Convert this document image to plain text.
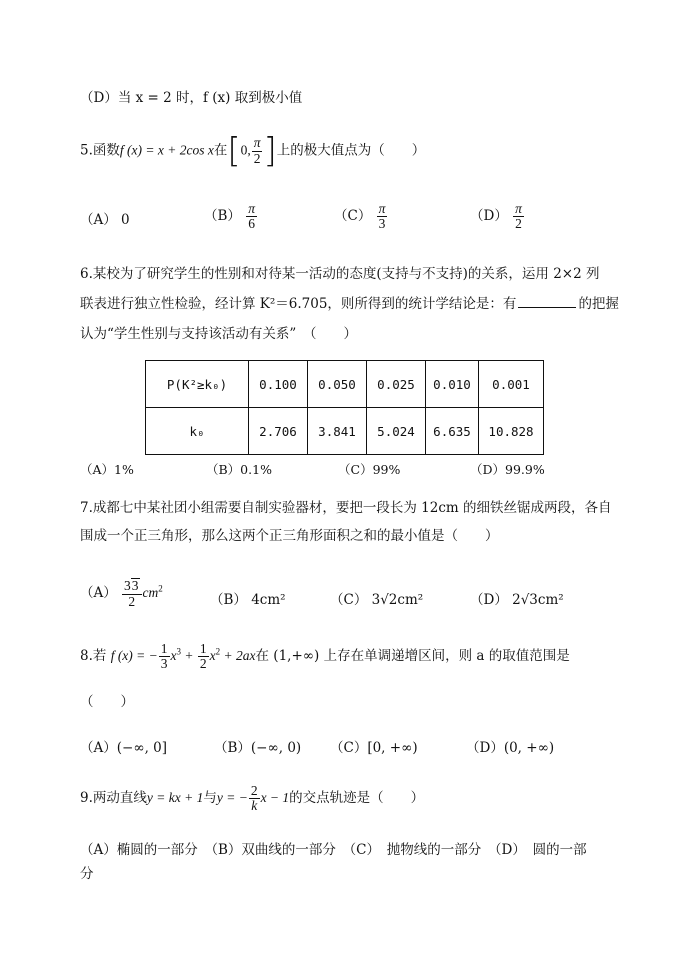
（D）当 x = 2 时，f (x) 取到极小值
5.函数f (x) = x + 2cos x在[0, $\frac{\pi}{2}$ ]上的极大值点为（　　）
（A） 0	$(B) \frac{\pi}{6}$	$(C) \frac{\pi}{3}$	$(D) \frac{\pi}{2}$
6.某校为了研究学生的性别和对待某一活动的态度(支持与不支持)的关系，运用 2×2 列
联表进行独立性检验，经计算 K²＝6.705，则所得到的统计学结论是：有	的把握
认为“学生性别与支持该活动有关系”　（　　）
P(K²≥k₀)	0.100	0.050	0.025	0.010	0.001
k₀	2.706	3.841	5.024	6.635	10.828
（A）1%	（B）0.1%	（C）99%	（D）99.9%
7.成都七中某社团小组需要自制实验器材，要把一段长为 12cm 的细铁丝锯成两段，各自
围成一个正三角形，那么这两个正三角形面积之和的最小值是（　　）
$(A) \frac{33}{2} cm^2$
（B） 4cm²	（C） 3√2cm²	（D） 2√3cm²
8.若 f (x) = − $\frac{1}{3} x^3 + \frac{1}{2} x^2 + 2ax$在 (1,+∞) 上存在单调递增区间，则 a 的取值范围是
（　　）
（A）(−∞, 0]	（B）(−∞, 0) （C）[0, +∞)	（D）(0, +∞)
9.两动直线y = kx + 1与y = − $\frac{2}{k}$ x − 1的交点轨迹是（　　）
（A）椭圆的一部分　（B）双曲线的一部分　（C）　抛物线的一部分　（D）　圆的一部
分
